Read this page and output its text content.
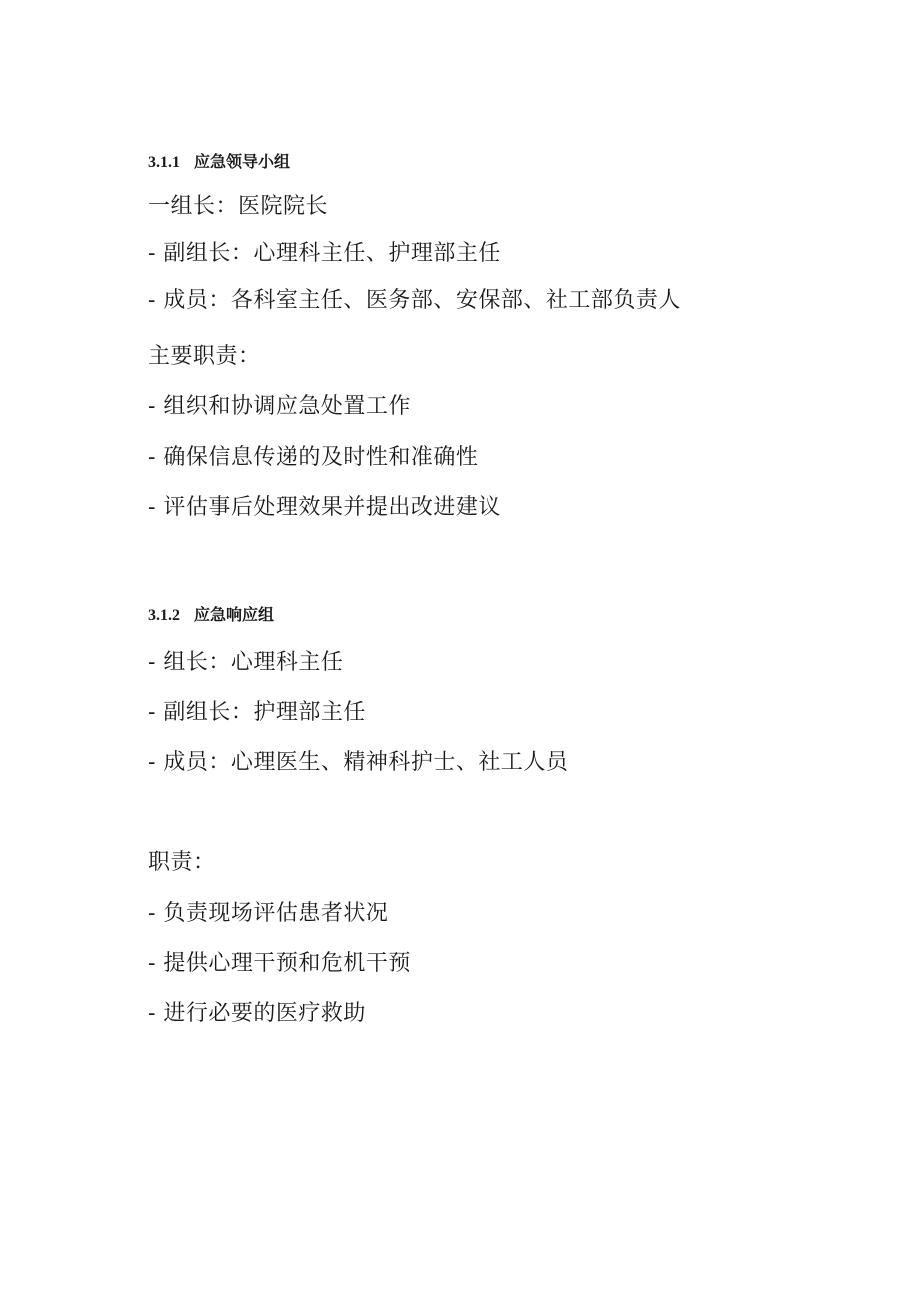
3.1.1 应急领导小组
一组长：医院院长
- 副组长：心理科主任、护理部主任
- 成员：各科室主任、医务部、安保部、社工部负责人
主要职责：
- 组织和协调应急处置工作
- 确保信息传递的及时性和准确性
- 评估事后处理效果并提出改进建议
3.1.2 应急响应组
- 组长：心理科主任
- 副组长：护理部主任
- 成员：心理医生、精神科护士、社工人员
职责：
- 负责现场评估患者状况
- 提供心理干预和危机干预
- 进行必要的医疗救助
